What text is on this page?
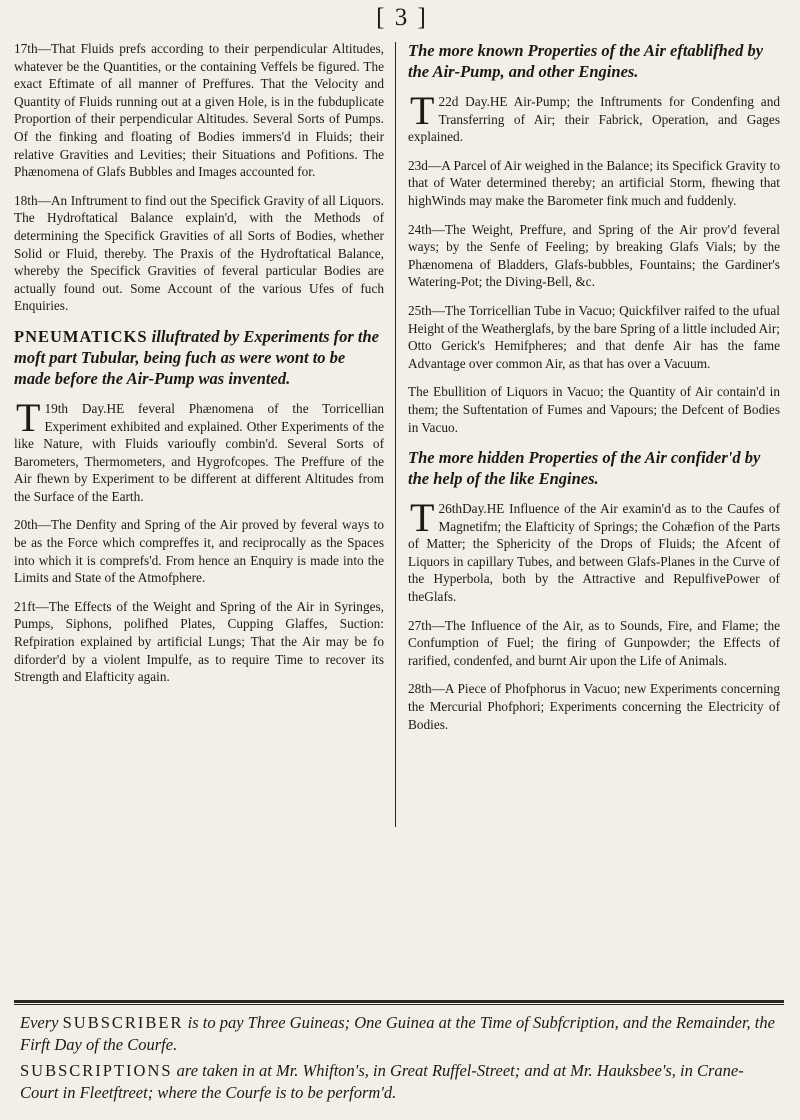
[ 3 ]

17th—That Fluids prefs according to their perpendicular Altitudes, whatever be the Quantities, or the containing Veffels be figured. The exact Eftimate of all manner of Preffures. That the Velocity and Quantity of Fluids running out at a given Hole, is in the fubduplicate Proportion of their perpendicular Altitudes. Several Sorts of Pumps. Of the finking and floating of Bodies immers'd in Fluids; their relative Gravities and Levities; their Situations and Pofitions. The Phænomena of Glafs Bubbles and Images accounted for.

18th—An Inftrument to find out the Specifick Gravity of all Liquors. The Hydroftatical Balance explain'd, with the Methods of determining the Specifick Gravities of all Sorts of Bodies, whether Solid or Fluid, thereby. The Praxis of the Hydroftatical Balance, whereby the Specifick Gravities of feveral particular Bodies are actually found out. Some Account of the various Ufes of fuch Enquiries.

PNEUMATICKS illuftrated by Experiments for the moft part Tubular, being fuch as were wont to be made before the Air-Pump was invented.

19th Day.
T	HE feveral Phænomena of the Torricellian Experiment exhibited and explained. Other Experiments of the like Nature, with Fluids varioufly combin'd. Several Sorts of Barometers, Thermometers, and Hygrofcopes. The Preffure of the Air fhewn by Experiment to be different at different Altitudes from the Surface of the Earth.

20th—The Denfity and Spring of the Air proved by feveral ways to be as the Force which compreffes it, and reciprocally as the Spaces into which it is comprefs'd. From hence an Enquiry is made into the Limits and State of the Atmofphere.

21ft—The Effects of the Weight and Spring of the Air in Syringes, Pumps, Siphons, polifhed Plates, Cupping Glaffes, Suction: Refpiration explained by artificial Lungs; That the Air may be fo diforder'd by a violent Impulfe, as to require Time to recover its Strength and Elafticity again.

The more known Properties of the Air eftablifhed by the Air-Pump, and other Engines.

22d Day.
T	HE Air-Pump; the Inftruments for Condenfing and Transferring of Air; their Fabrick, Operation, and Gages explained.

23d—A Parcel of Air weighed in the Balance; its Specifick Gravity to that of Water determined thereby; an artificial Storm, fhewing that highWinds may make the Barometer fink much and fuddenly.

24th—The Weight, Preffure, and Spring of the Air prov'd feveral ways; by the Senfe of Feeling; by breaking Glafs Vials; by the Phænomena of Bladders, Glafs-bubbles, Fountains; the Gardiner's Watering-Pot; the Diving-Bell, &c.

25th—The Torricellian Tube in Vacuo; Quickfilver raifed to the ufual Height of the Weatherglafs, by the bare Spring of a little included Air; Otto Gerick's Hemifpheres; and that denfe Air has the fame Advantage over common Air, as that has over a Vacuum.

The Ebullition of Liquors in Vacuo; the Quantity of Air contain'd in them; the Suftentation of Fumes and Vapours; the Defcent of Bodies in Vacuo.

The more hidden Properties of the Air confider'd by the help of the like Engines.

26thDay.
T	HE Influence of the Air examin'd as to the Caufes of Magnetifm; the Elafticity of Springs; the Cohæfion of the Parts of Matter; the Sphericity of the Drops of Fluids; the Afcent of Liquors in capillary Tubes, and between Glafs-Planes in the Curve of the Hyperbola, both by the Attractive and RepulfivePower of theGlafs.

27th—The Influence of the Air, as to Sounds, Fire, and Flame; the Confumption of Fuel; the firing of Gunpowder; the Effects of rarified, condenfed, and burnt Air upon the Life of Animals.

28th—A Piece of Phofphorus in Vacuo; new Experiments concerning the Mercurial Phofphori; Experiments concerning the Electricity of Bodies.

Every SUBSCRIBER is to pay Three Guineas; One Guinea at the Time of Subfcription, and the Remainder, the Firft Day of the Courfe.
SUBSCRIPTIONS are taken in at Mr. Whifton's, in Great Ruffel-Street; and at Mr. Hauksbee's, in Crane-Court in Fleetftreet; where the Courfe is to be perform'd.
